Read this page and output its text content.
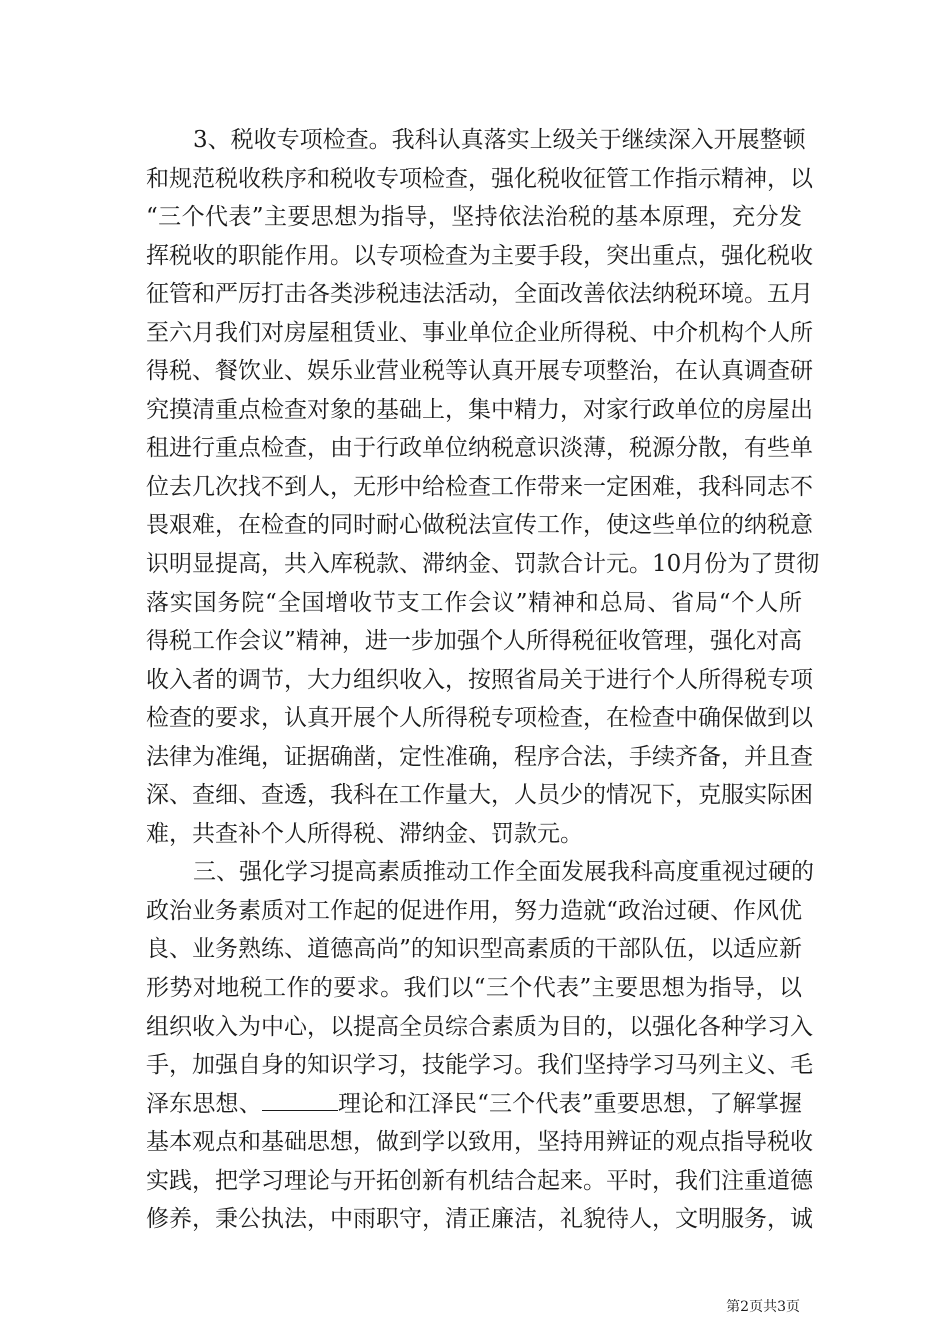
3、税收专项检查。我科认真落实上级关于继续深入开展整顿
和规范税收秩序和税收专项检查，强化税收征管工作指示精神，以
“三个代表”主要思想为指导，坚持依法治税的基本原理，充分发
挥税收的职能作用。以专项检查为主要手段，突出重点，强化税收
征管和严厉打击各类涉税违法活动，全面改善依法纳税环境。五月
至六月我们对房屋租赁业、事业单位企业所得税、中介机构个人所
得税、餐饮业、娱乐业营业税等认真开展专项整治，在认真调查研
究摸清重点检查对象的基础上，集中精力，对家行政单位的房屋出
租进行重点检查，由于行政单位纳税意识淡薄，税源分散，有些单
位去几次找不到人，无形中给检查工作带来一定困难，我科同志不
畏艰难，在检查的同时耐心做税法宣传工作，使这些单位的纳税意
识明显提高，共入库税款、滞纳金、罚款合计元。10月份为了贯彻
落实国务院“全国增收节支工作会议”精神和总局、省局“个人所
得税工作会议”精神，进一步加强个人所得税征收管理，强化对高
收入者的调节，大力组织收入，按照省局关于进行个人所得税专项
检查的要求，认真开展个人所得税专项检查，在检查中确保做到以
法律为准绳，证据确凿，定性准确，程序合法，手续齐备，并且查
深、查细、查透，我科在工作量大，人员少的情况下，克服实际困
难，共查补个人所得税、滞纳金、罚款元。
三、强化学习提高素质推动工作全面发展我科高度重视过硬的
政治业务素质对工作起的促进作用，努力造就“政治过硬、作风优
良、业务熟练、道德高尚”的知识型高素质的干部队伍，以适应新
形势对地税工作的要求。我们以“三个代表”主要思想为指导，以
组织收入为中心，以提高全员综合素质为目的，以强化各种学习入
手，加强自身的知识学习，技能学习。我们坚持学习马列主义、毛
泽东思想、	理论和江泽民“三个代表”重要思想，了解掌握
基本观点和基础思想，做到学以致用，坚持用辨证的观点指导税收
实践，把学习理论与开拓创新有机结合起来。平时，我们注重道德
修养，秉公执法，中雨职守，清正廉洁，礼貌待人，文明服务，诚
第2页共3页
